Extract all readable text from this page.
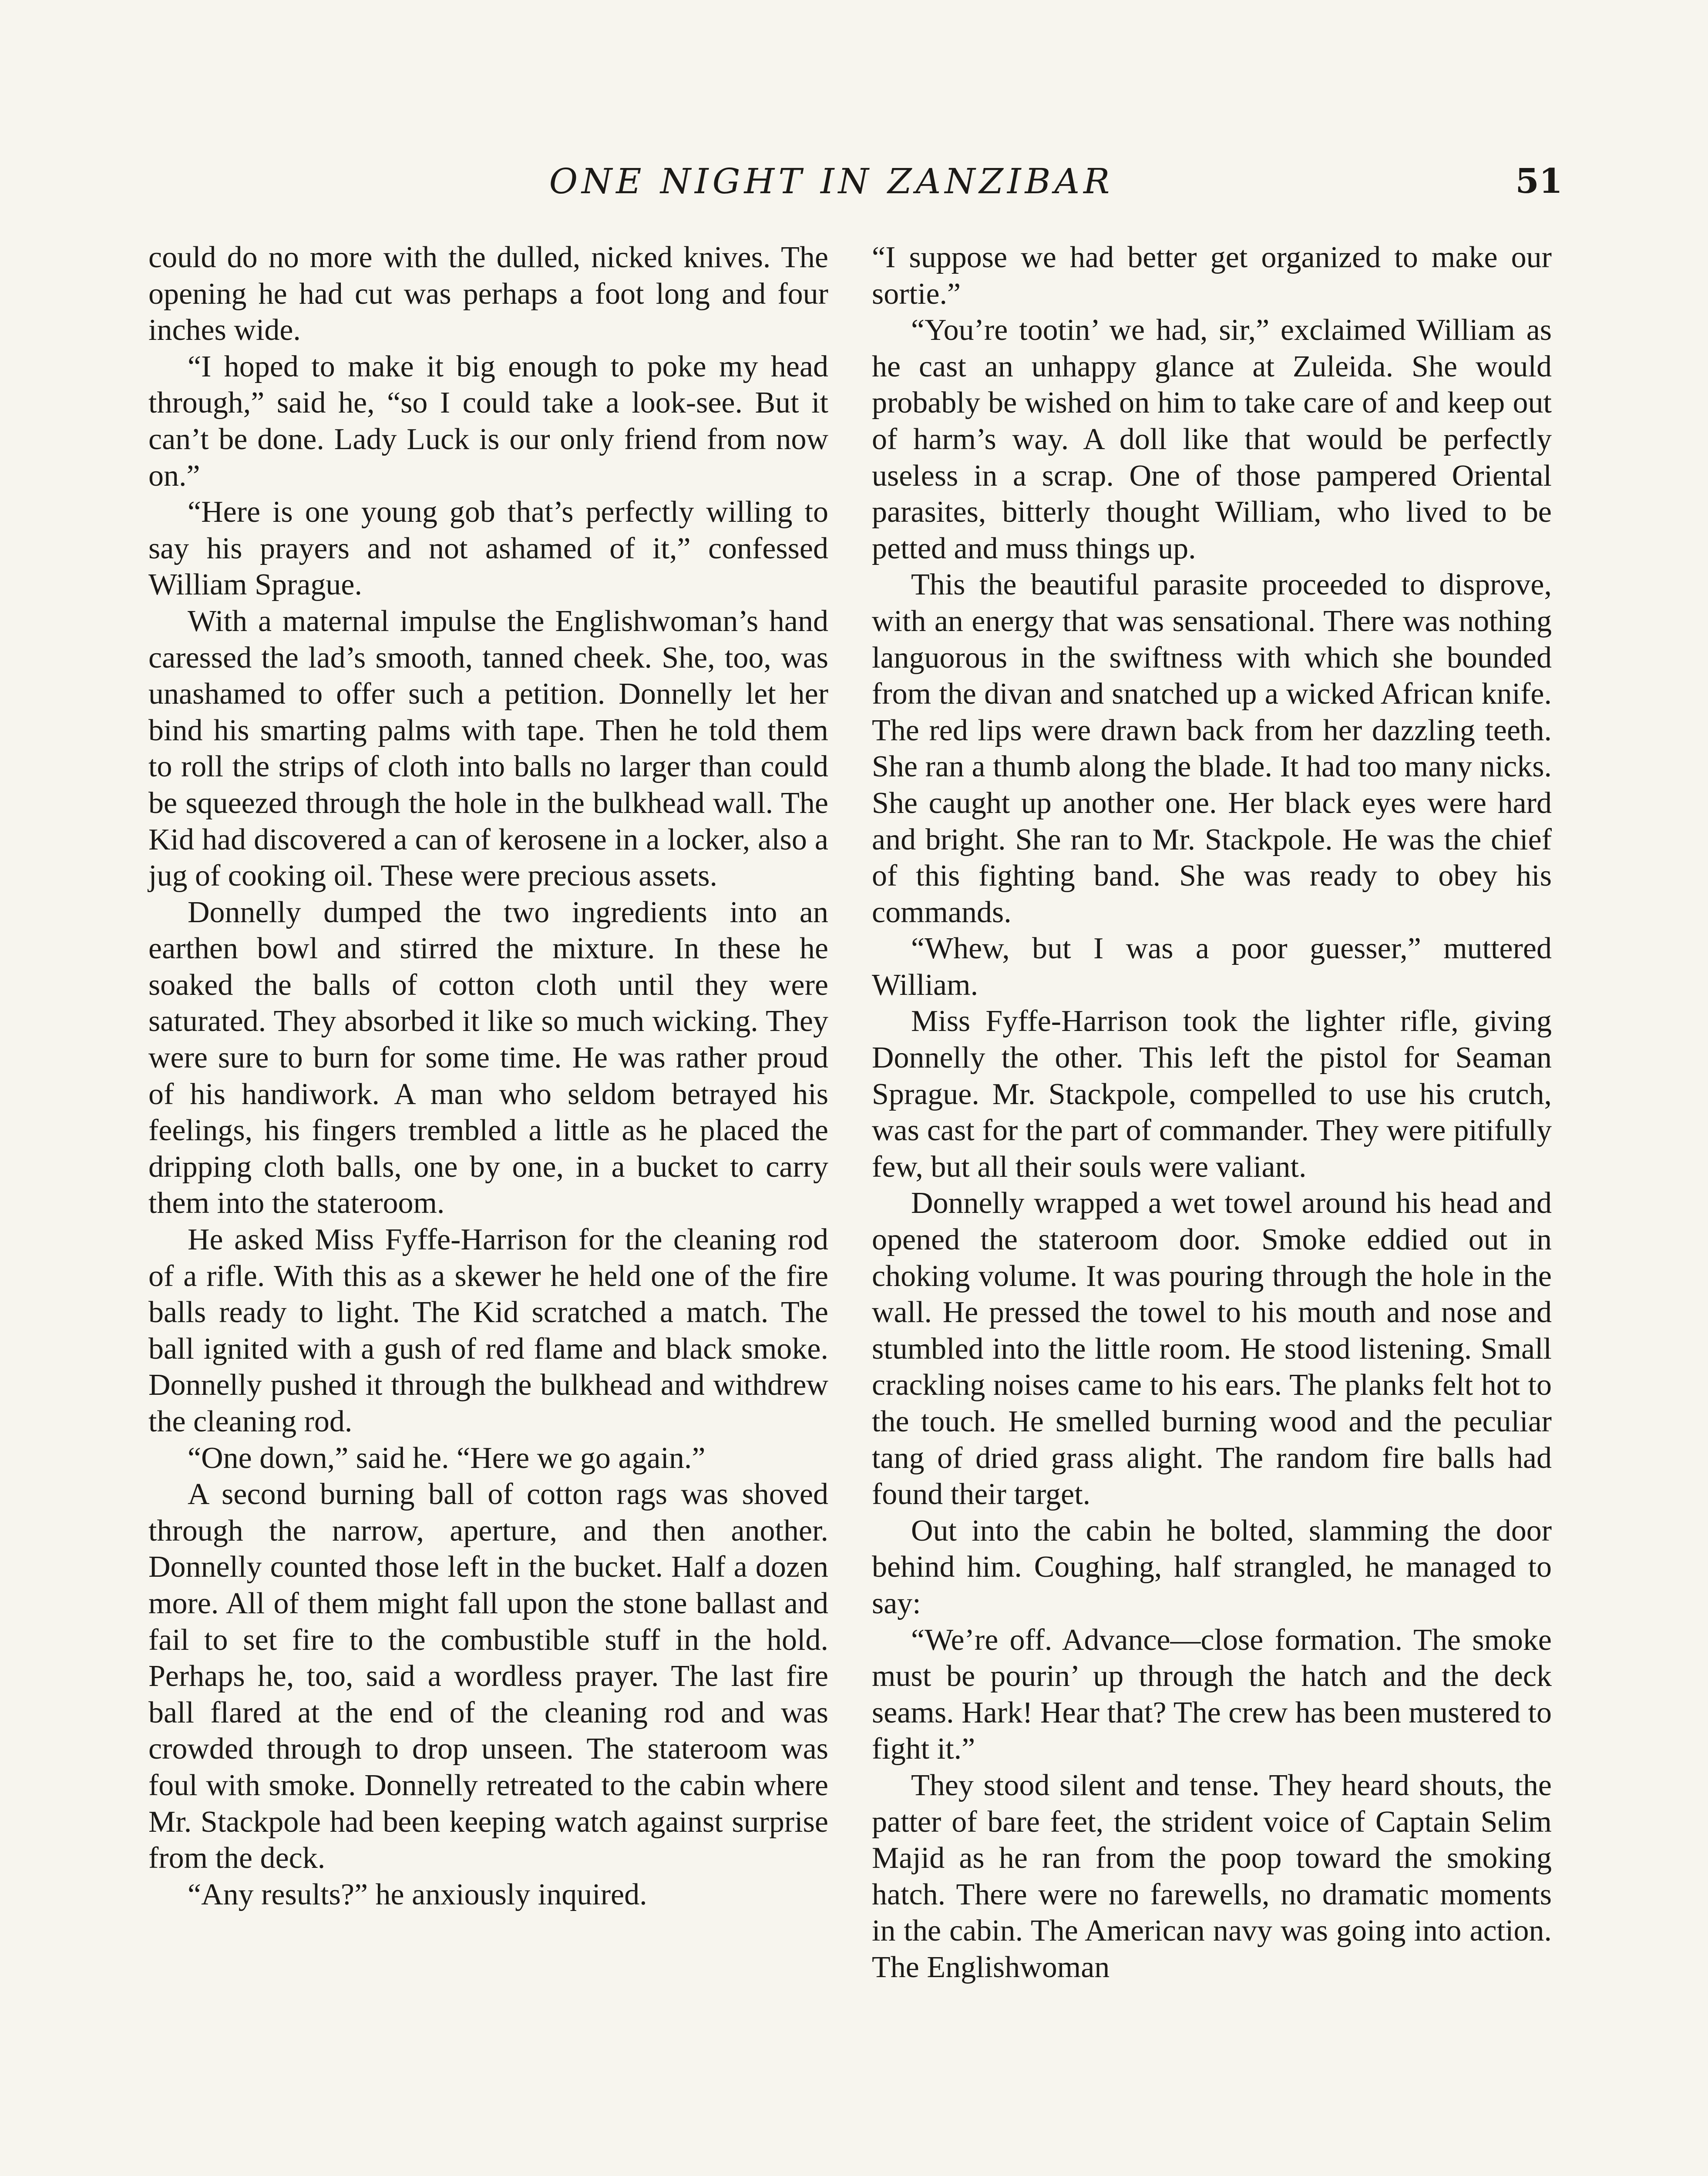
ONE NIGHT IN ZANZIBAR	51

could do no more with the dulled, nicked knives. The opening he had cut was perhaps a foot long and four inches wide.

“I hoped to make it big enough to poke my head through,” said he, “so I could take a look-see. But it can’t be done. Lady Luck is our only friend from now on.”

“Here is one young gob that’s perfectly willing to say his prayers and not ashamed of it,” confessed William Sprague.

With a maternal impulse the Englishwoman’s hand caressed the lad’s smooth, tanned cheek. She, too, was unashamed to offer such a petition. Donnelly let her bind his smarting palms with tape. Then he told them to roll the strips of cloth into balls no larger than could be squeezed through the hole in the bulkhead wall. The Kid had discovered a can of kerosene in a locker, also a jug of cooking oil. These were precious assets.

Donnelly dumped the two ingredients into an earthen bowl and stirred the mixture. In these he soaked the balls of cotton cloth until they were saturated. They absorbed it like so much wicking. They were sure to burn for some time. He was rather proud of his handiwork. A man who seldom betrayed his feelings, his fingers trembled a little as he placed the dripping cloth balls, one by one, in a bucket to carry them into the stateroom.

He asked Miss Fyffe-Harrison for the cleaning rod of a rifle. With this as a skewer he held one of the fire balls ready to light. The Kid scratched a match. The ball ignited with a gush of red flame and black smoke. Donnelly pushed it through the bulkhead and withdrew the cleaning rod.

“One down,” said he. “Here we go again.”

A second burning ball of cotton rags was shoved through the narrow, aperture, and then another. Donnelly counted those left in the bucket. Half a dozen more. All of them might fall upon the stone ballast and fail to set fire to the combustible stuff in the hold. Perhaps he, too, said a wordless prayer. The last fire ball flared at the end of the cleaning rod and was crowded through to drop unseen. The stateroom was foul with smoke. Donnelly retreated to the cabin where Mr. Stackpole had been keeping watch against surprise from the deck.

“Any results?” he anxiously inquired.

“I suppose we had better get organized to make our sortie.”

“You’re tootin’ we had, sir,” exclaimed William as he cast an unhappy glance at Zuleida. She would probably be wished on him to take care of and keep out of harm’s way. A doll like that would be perfectly useless in a scrap. One of those pampered Oriental parasites, bitterly thought William, who lived to be petted and muss things up.

This the beautiful parasite proceeded to disprove, with an energy that was sensational. There was nothing languorous in the swiftness with which she bounded from the divan and snatched up a wicked African knife. The red lips were drawn back from her dazzling teeth. She ran a thumb along the blade. It had too many nicks. She caught up another one. Her black eyes were hard and bright. She ran to Mr. Stackpole. He was the chief of this fighting band. She was ready to obey his commands.

“Whew, but I was a poor guesser,” muttered William.

Miss Fyffe-Harrison took the lighter rifle, giving Donnelly the other. This left the pistol for Seaman Sprague. Mr. Stackpole, compelled to use his crutch, was cast for the part of commander. They were pitifully few, but all their souls were valiant.

Donnelly wrapped a wet towel around his head and opened the stateroom door. Smoke eddied out in choking volume. It was pouring through the hole in the wall. He pressed the towel to his mouth and nose and stumbled into the little room. He stood listening. Small crackling noises came to his ears. The planks felt hot to the touch. He smelled burning wood and the peculiar tang of dried grass alight. The random fire balls had found their target.

Out into the cabin he bolted, slamming the door behind him. Coughing, half strangled, he managed to say:

“We’re off. Advance—close formation. The smoke must be pourin’ up through the hatch and the deck seams. Hark! Hear that? The crew has been mustered to fight it.”

They stood silent and tense. They heard shouts, the patter of bare feet, the strident voice of Captain Selim Majid as he ran from the poop toward the smoking hatch. There were no farewells, no dramatic moments in the cabin. The American navy was going into action. The Englishwoman
